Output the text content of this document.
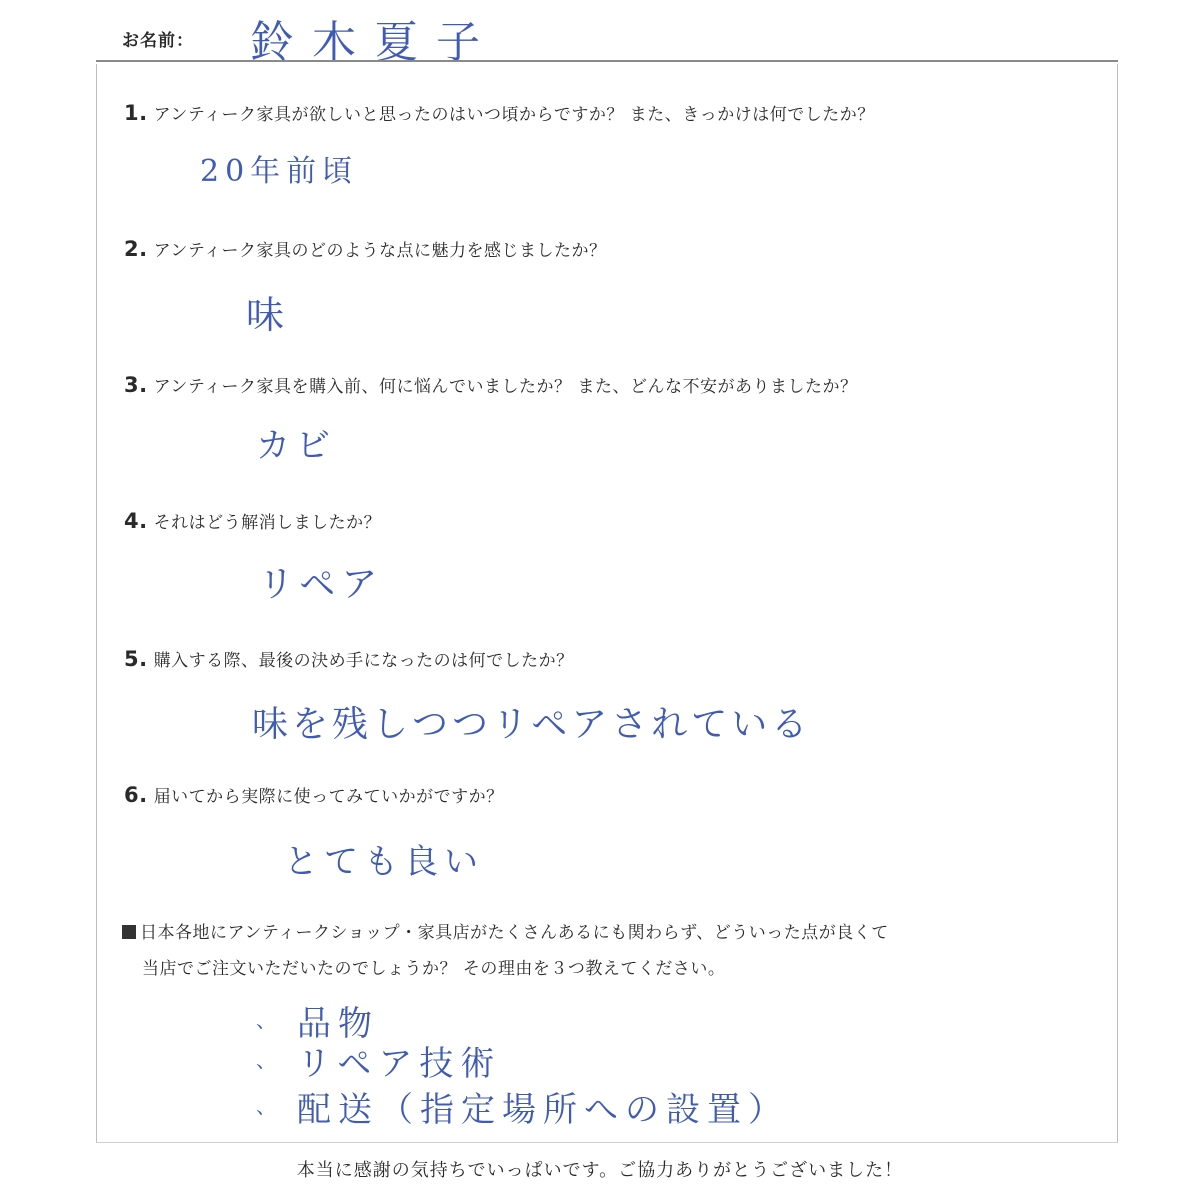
お名前： 鈴木夏子
1. アンティーク家具が欲しいと思ったのはいつ頃からですか？ また、きっかけは何でしたか？
20年前頃
2. アンティーク家具のどのような点に魅力を感じましたか？
味
3. アンティーク家具を購入前、何に悩んでいましたか？ また、どんな不安がありましたか？
カビ
4. それはどう解消しましたか？
リペア
5. 購入する際、最後の決め手になったのは何でしたか？
味を残しつつリペアされている
6. 届いてから実際に使ってみていかがですか？
とても良い
日本各地にアンティークショップ・家具店がたくさんあるにも関わらず、どういった点が良くて
当店でご注文いただいたのでしょうか？ その理由を３つ教えてください。
、 品物
、 リペア技術
、 配送（指定場所への設置）
本当に感謝の気持ちでいっぱいです。ご協力ありがとうございました！
